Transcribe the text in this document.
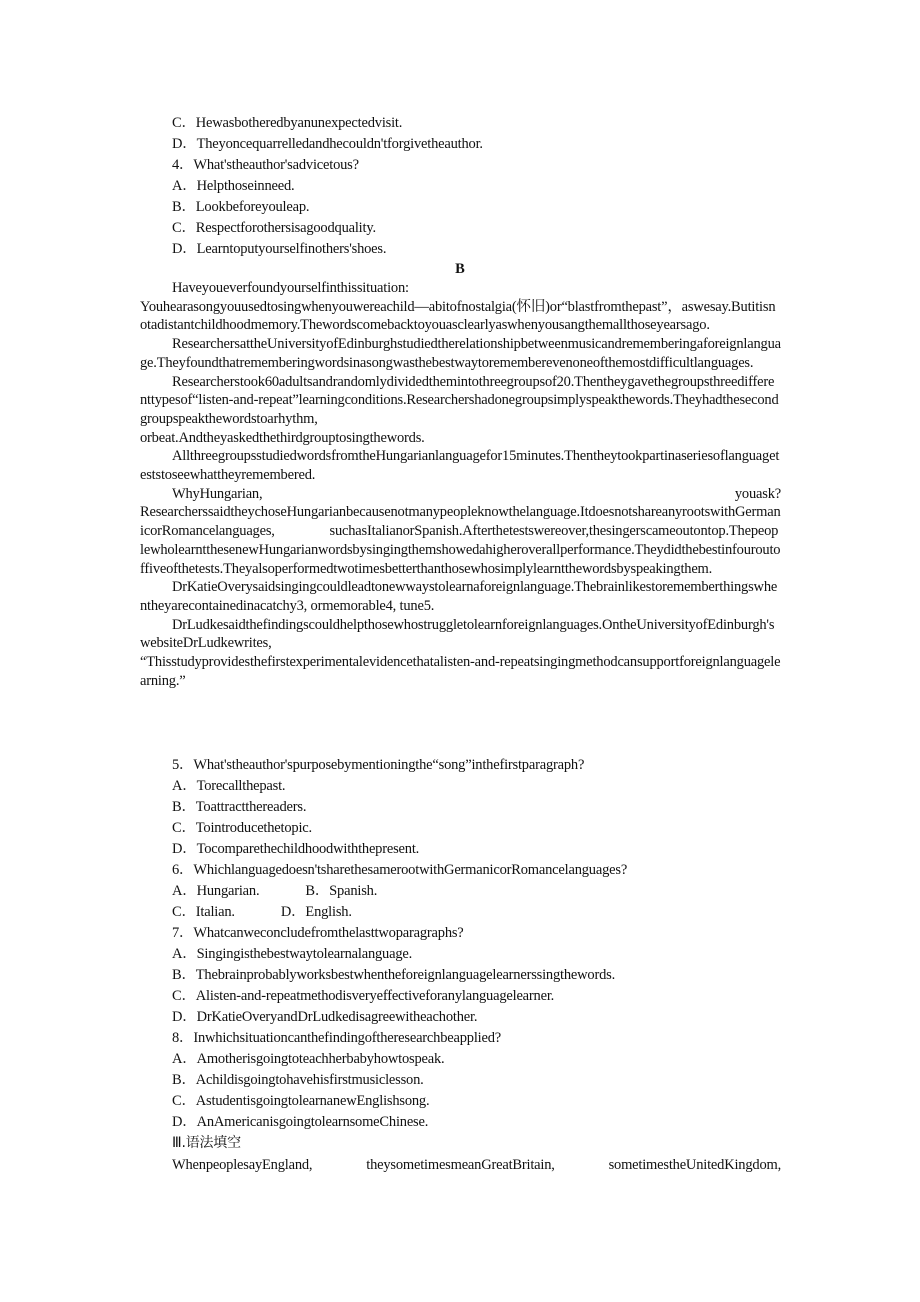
C．Hewasbotheredbyanunexpectedvisit.
D．Theyoncequarrelledandhecouldn'tforgivetheauthor.
4．What'stheauthor'sadvicetous?
A．Helpthoseinneed.
B．Lookbeforeyouleap.
C．Respectforothersisagoodquality.
D．Learntoputyourselfinothers'shoes.
B

Haveyoueverfoundyourselfinthissituation:

Youhearasongyouusedtosingwhenyouwereachild—abitofnostalgia(怀旧)or“blastfromthepast”，aswesay.Butitisnotadistantchildhoodmemory.Thewordscomebacktoyouasclearlyaswhenyousangthemallthoseyearsago.

ResearchersattheUniversityofEdinburghstudiedtherelationshipbetweenmusicandrememberingaforeignlanguage.Theyfoundthatrememberingwordsinasongwasthebestwaytoremembereven​oneofthemostdifficultlanguages.

Researcherstook60adultsandrandomlydividedthemintothreegroupsof20.Thentheygavethegroupsthreedifferenttypesof“listen-and-repeat”learningconditions.Researchershadonegroupsimplyspeakthewords.Theyhadthesecondgroupspeakthewordstoarhythm,

orbeat.Andtheyaskedthethirdgrouptosingthewords.

AllthreegroupsstudiedwordsfromtheHungarianlanguagefor15minutes.Thentheytookpartinaseriesoflanguageteststoseewhattheyremembered.

WhyHungarian,	youask?

ResearcherssaidtheychoseHungarianbecausenotmanypeopleknowthelanguage.ItdoesnotshareanyrootswithGermanicorRomancelanguages,	suchasItalianorSpanish.Afterthetestswereover,thesingerscameoutontop.ThepeoplewholearntthesenewHungarianwordsbysingingthemshowedahigheroverallperformance.Theydidthebestinfouroutoffiveofthetests.Theyalsoperformedtwotimesbetterthanthosewhosimplylearntthewordsbyspeakingthem.

DrKatieOverysaidsingingcouldleadtonewwaystolearnaforeignlanguage.Thebrainlikestoremember​thingswhentheyarecontainedinacatchy3, ormemorable4, tune5.

DrLudkesaidthefindingscouldhelpthosewhostruggletolearnforeignlanguages.OntheUniversityofEdinburgh'swebsiteDrLudkewrites,

“Thisstudyprovidesthefirstexperimentalevidencethatalisten-and-repeatsingingmethodcansupportforeignlanguagelearning.”

5．What'stheauthor'spurposebymentioningthe“song”inthefirstparagraph?
A．Torecallthepast.
B．Toattractthereaders.
C．Tointroducethetopic.
D．Tocomparethechildhoodwiththepresent.
6．Whichlanguagedoesn'tsharethesamerootwithGermanicorRomancelanguages?
A．Hungarian.	B．Spanish.
C．Italian.	D．English.
7．Whatcanweconcludefromthelasttwoparagraphs?
A．Singingisthebestwaytolearnalanguage.
B．Thebrainprobablyworksbestwhentheforeignlanguagelearnerssingthewords.
C．Alisten-and-repeatmethodisveryeffectiveforanylanguagelearner.
D．DrKatieOveryandDrLudkedisagreewitheachother.
8．Inwhichsituationcanthefindingoftheresearchbeapplied?
A．Amotherisgoingtoteachherbabyhowtospeak.
B．Achildisgoingtohavehisfirstmusiclesson.
C．AstudentisgoingtolearnanewEnglishsong.
D．AnAmericanisgoingtolearnsomeChinese.
Ⅲ.语法填空
WhenpeoplesayEngland,	theysometimesmeanGreatBritain,	sometimestheUnitedKingdom,
